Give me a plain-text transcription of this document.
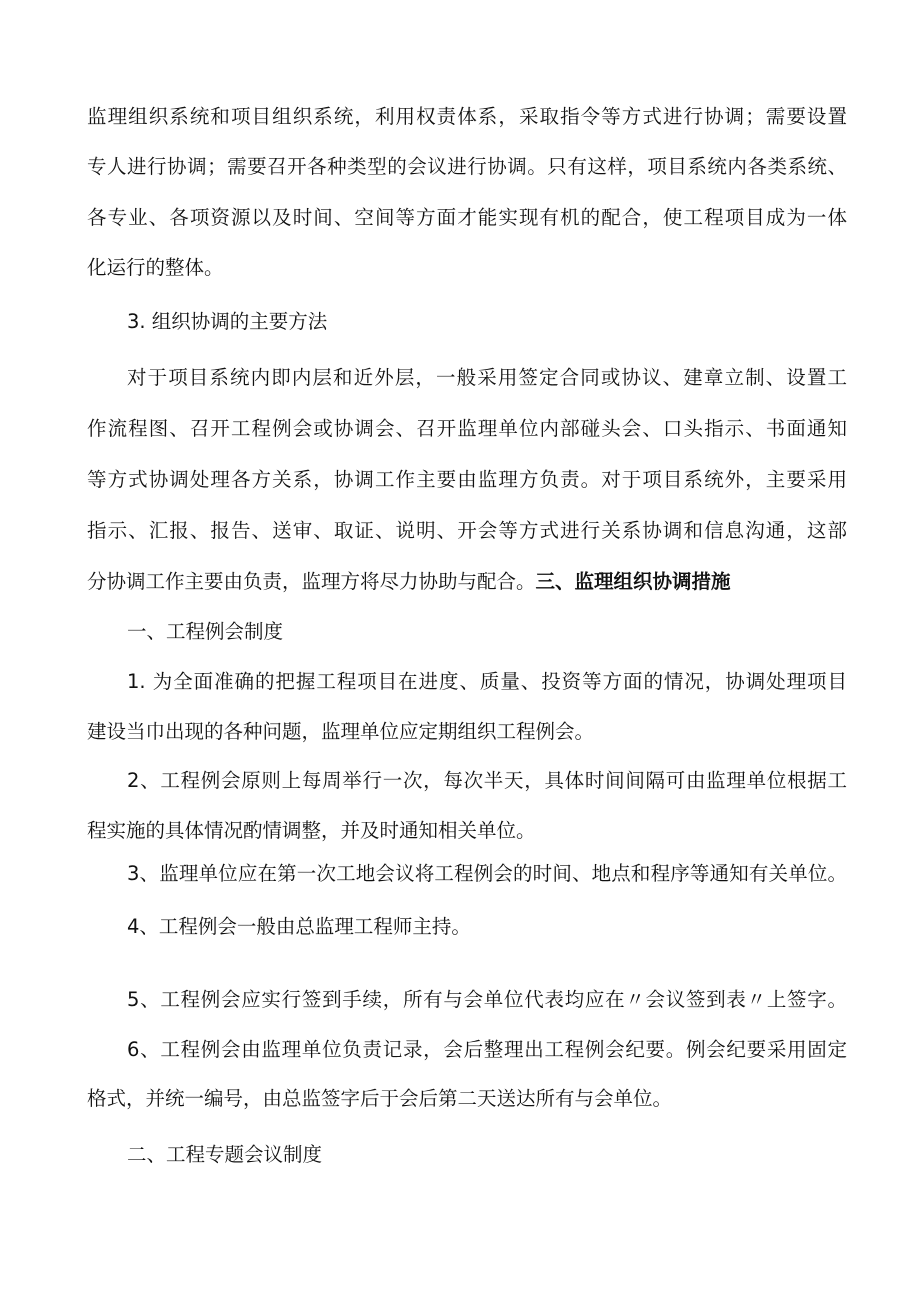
监理组织系统和项目组织系统，利用权责体系，采取指令等方式进行协调；需要设置
专人进行协调；需要召开各种类型的会议进行协调。只有这样，项目系统内各类系统、
各专业、各项资源以及时间、空间等方面才能实现有机的配合，使工程项目成为一体
化运行的整体。
3. 组织协调的主要方法
对于项目系统内即内层和近外层，一般采用签定合同或协议、建章立制、设置工
作流程图、召开工程例会或协调会、召开监理单位内部碰头会、口头指示、书面通知
等方式协调处理各方关系，协调工作主要由监理方负责。对于项目系统外，主要采用
指示、汇报、报告、送审、取证、说明、开会等方式进行关系协调和信息沟通，这部
分协调工作主要由负责，监理方将尽力协助与配合。三、监理组织协调措施
一、工程例会制度
1. 为全面准确的把握工程项目在进度、质量、投资等方面的情况，协调处理项目
建设当巾出现的各种问题，监理单位应定期组织工程例会。
2、工程例会原则上每周举行一次，每次半天，具体时间间隔可由监理单位根据工
程实施的具体情况酌情调整，并及时通知相关单位。
3、监理单位应在第一次工地会议将工程例会的时间、地点和程序等通知有关单位。
4、工程例会一般由总监理工程师主持。
5、工程例会应实行签到手续，所有与会单位代表均应在〃会议签到表〃上签字。
6、工程例会由监理单位负责记录，会后整理出工程例会纪要。例会纪要采用固定
格式，并统一编号，由总监签字后于会后第二天送达所有与会单位。
二、工程专题会议制度
